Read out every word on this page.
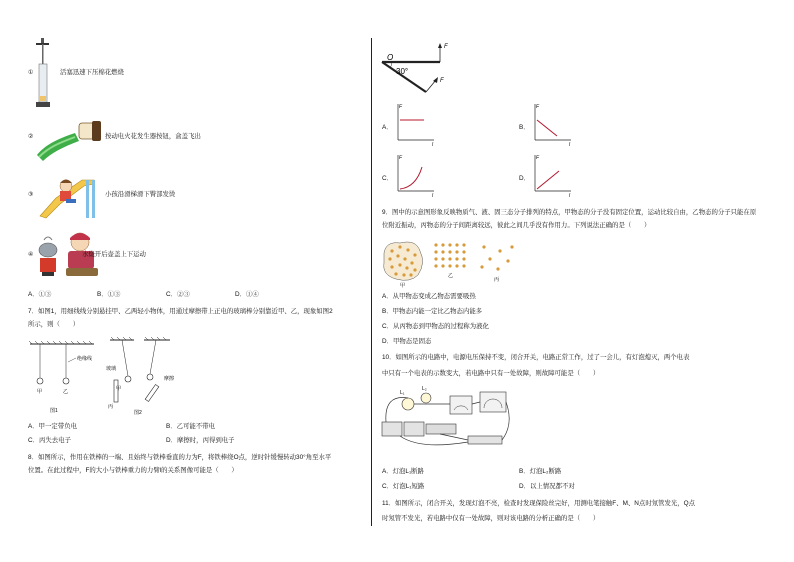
①	活塞迅速下压棉花燃烧
②	按动电火花发生器按钮，盒盖飞出
③	小孩沿滑梯滑下臀部发烫
④	水烧开后壶盖上下运动
A．①③	B．①③	C．②③	D．①④
7．如图1，用细线线分别悬挂甲、乙两轻小物体，用通过摩擦带上正电的玻璃棒分别靠近甲、乙，现象如图2
所示，则（　　）
绝缘线
甲	乙
图1
玻璃
甲
摩擦
丙
图2
A．甲一定带负电	B．乙可能不带电
C．丙失去电子	D．摩擦时，丙得到电子
8．如图所示，作用在铁棒的一端、且始终与铁棒垂直的力为F，将铁棒绕O点，逆时针缓慢转动30°角至水平
位置。在此过程中，F的大小与铁棒重力的力臂l的关系图像可能是（　　）
O
F
F
30°
A．
F
l
B．
F
l
C．
F
l
D．
F
l
9．图中的示意图形象反映物质气、液、固三态分子排列的特点，甲物态的分子没有固定位置，运动比较自由，乙物态的分子只能在原位附近振动，丙物态的分子间距离较远，彼此之间几乎没有作用力。下列说法正确的是（　　）
甲
乙
丙
A．从甲物态变成乙物态需要吸热
B．甲物态内能一定比乙物态内能多
C．从丙物态到甲物态的过程称为液化
D．甲物态是固态
10．如图所示的电路中，电源电压保持不变，闭合开关，电路正常工作，过了一会儿，有灯泡熄灭，两个电表
中只有一个电表的示数变大，若电路中只有一处故障，则故障可能是（　　）
L₁
L₂
A．灯泡L₁断路	B．灯泡L₂断路
C．灯泡L₁短路	D．以上情况都不对
11．如图所示，闭合开关，发现灯泡不亮，检查时发现保险丝完好，用测电笔接触F、M、N点时氖管发光，Q点
时氖管不发光，若电路中仅有一处故障，则对该电路的分析正确的是（　　）
